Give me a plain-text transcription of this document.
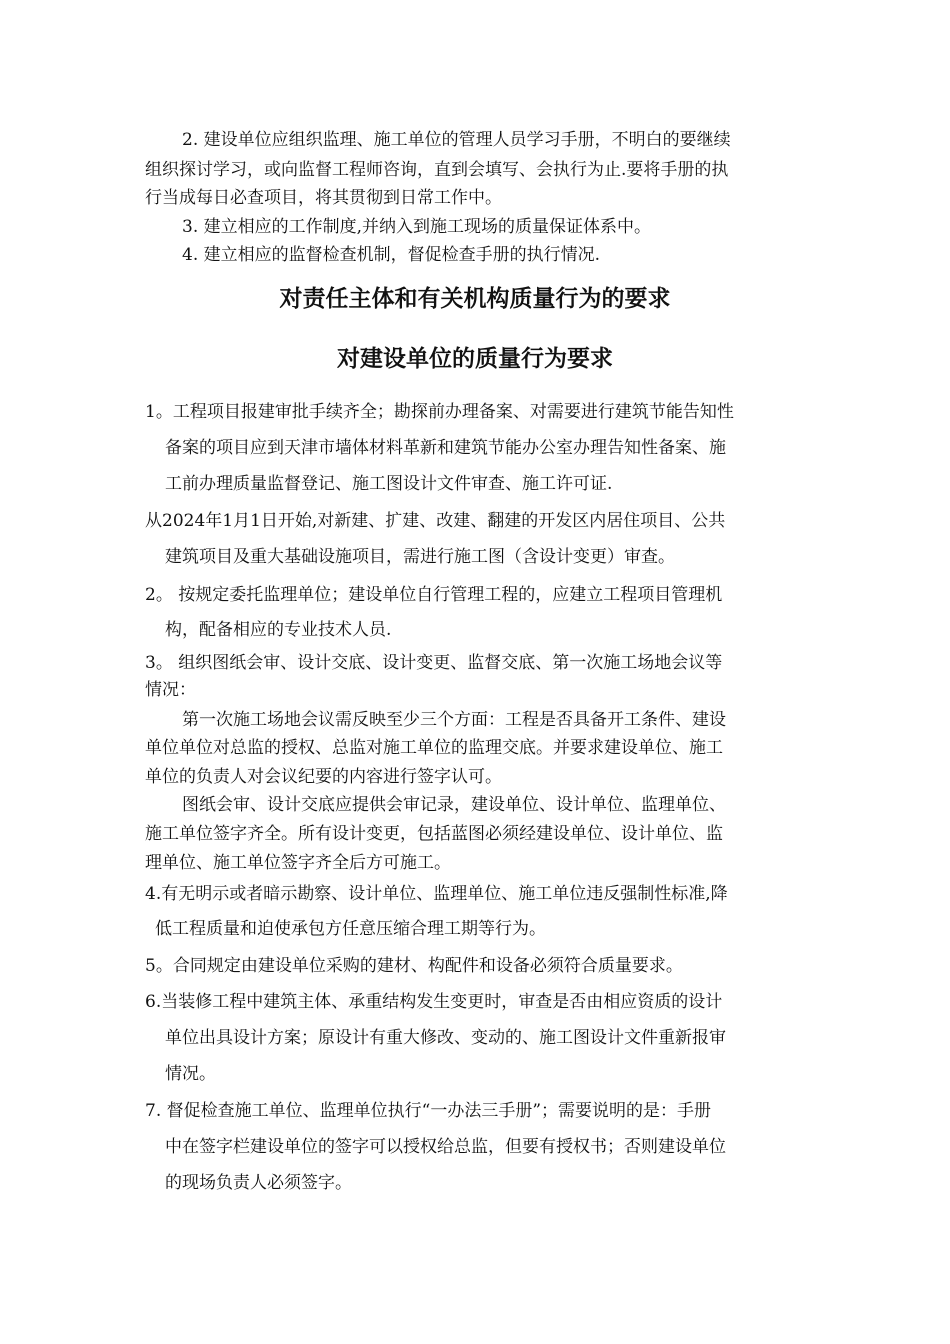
2. 建设单位应组织监理、施工单位的管理人员学习手册，不明白的要继续
组织探讨学习，或向监督工程师咨询，直到会填写、会执行为止.要将手册的执
行当成每日必查项目，将其贯彻到日常工作中。
3. 建立相应的工作制度,并纳入到施工现场的质量保证体系中。
4. 建立相应的监督检查机制，督促检查手册的执行情况.
对责任主体和有关机构质量行为的要求
对建设单位的质量行为要求
1。工程项目报建审批手续齐全；勘探前办理备案、对需要进行建筑节能告知性
备案的项目应到天津市墙体材料革新和建筑节能办公室办理告知性备案、施
工前办理质量监督登记、施工图设计文件审查、施工许可证.
从2024年1月1日开始,对新建、扩建、改建、翻建的开发区内居住项目、公共
建筑项目及重大基础设施项目，需进行施工图（含设计变更）审查。
2。 按规定委托监理单位；建设单位自行管理工程的，应建立工程项目管理机
构，配备相应的专业技术人员.
3。 组织图纸会审、设计交底、设计变更、监督交底、第一次施工场地会议等
情况：
第一次施工场地会议需反映至少三个方面：工程是否具备开工条件、建设
单位单位对总监的授权、总监对施工单位的监理交底。并要求建设单位、施工
单位的负责人对会议纪要的内容进行签字认可。
图纸会审、设计交底应提供会审记录，建设单位、设计单位、监理单位、
施工单位签字齐全。所有设计变更，包括蓝图必须经建设单位、设计单位、监
理单位、施工单位签字齐全后方可施工。
4.有无明示或者暗示勘察、设计单位、监理单位、施工单位违反强制性标准,降
低工程质量和迫使承包方任意压缩合理工期等行为。
5。合同规定由建设单位采购的建材、构配件和设备必须符合质量要求。
6.当装修工程中建筑主体、承重结构发生变更时，审查是否由相应资质的设计
单位出具设计方案；原设计有重大修改、变动的、施工图设计文件重新报审
情况。
7. 督促检查施工单位、监理单位执行“一办法三手册”；需要说明的是：手册
中在签字栏建设单位的签字可以授权给总监，但要有授权书；否则建设单位
的现场负责人必须签字。
